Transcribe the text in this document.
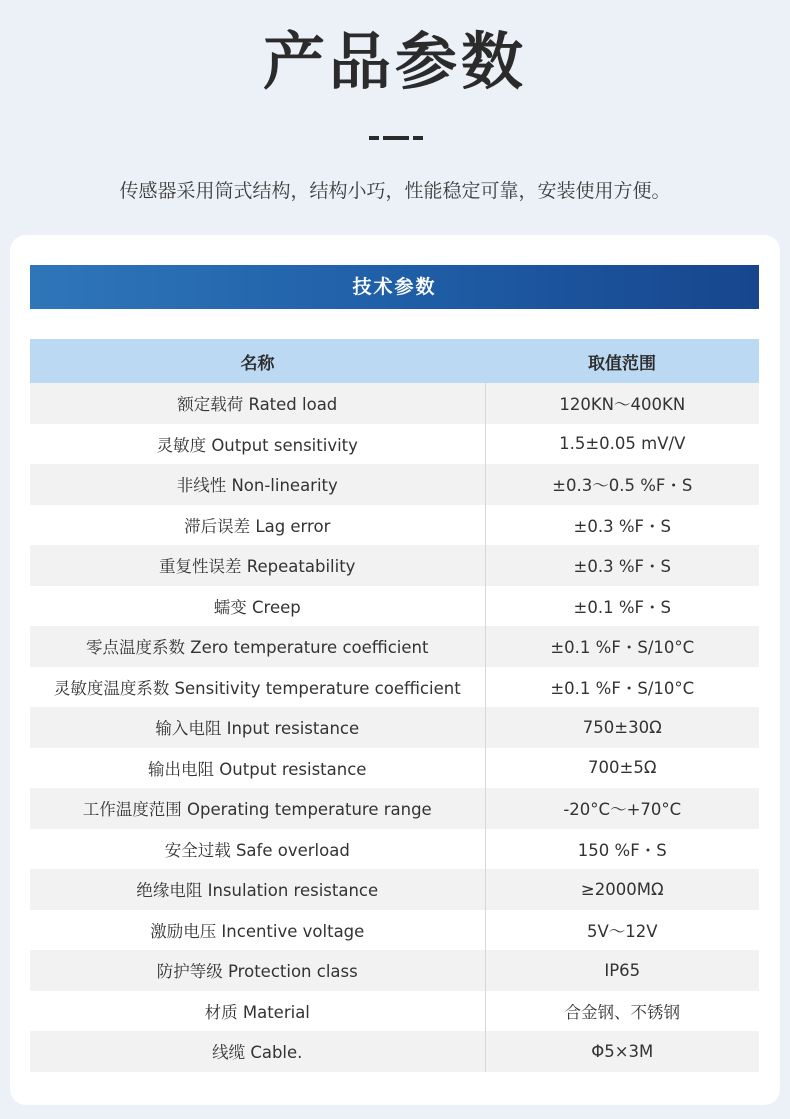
产品参数

传感器采用筒式结构，结构小巧，性能稳定可靠，安装使用方便。

技术参数
名称	取值范围
额定载荷 Rated load	120KN～400KN
灵敏度 Output sensitivity	1.5±0.05 mV/V
非线性 Non-linearity	±0.3～0.5 %F・S
滞后误差 Lag error	±0.3 %F・S
重复性误差 Repeatability	±0.3 %F・S
蠕变 Creep	±0.1 %F・S
零点温度系数 Zero temperature coefficient	±0.1 %F・S/10°C
灵敏度温度系数 Sensitivity temperature coefficient	±0.1 %F・S/10°C
输入电阻 Input resistance	750±30Ω
输出电阻 Output resistance	700±5Ω
工作温度范围 Operating temperature range	-20°C～+70°C
安全过载 Safe overload	150 %F・S
绝缘电阻 Insulation resistance	≥2000MΩ
激励电压 Incentive voltage	5V～12V
防护等级 Protection class	IP65
材质 Material	合金钢、不锈钢
线缆 Cable.	Φ5×3M
